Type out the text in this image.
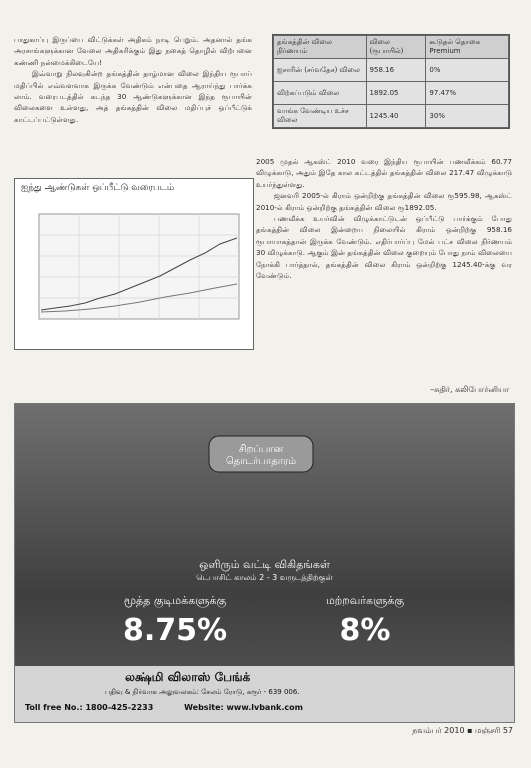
பாதுகாப்பு இருப்பை விட்டுக்கள் அதிகம் நாடி பெறும். அதனால் தங்க அரசாங்களுக்கான வேலை அதிகரிக்கும் இது நகைத் தொழில் விற்பனை கண்ணி நன்மைக்கிடையே!

இவ்வாறு நிலவுகின்ற தங்கத்தின் தாழ்மான விலை இந்திய ரூபாய் மதிப்பில் எவ்வளவாக இருக்க வேண்டும் என்பதை ஆராய்ந்து பார்க்க லாம். வரைபடத்தில் கடந்த 30 ஆண்டுகளுக்கான இந்த ரூபாயின் விலைகளை உள்ளது, அத் தங்கத்தின் விலை மதிப்புச் ஒப்பீட்டுக் காட்டப்பட்டுள்ளது.

தங்கத்தின் விலை நிர்ணயம்	விலை (ரூபாயில்)	கூடுதல் தொகை Premium
ஐசாரின் (சர்வதேச) விலை	958.16	0%
விற்கப்படும் விலை	1892.05	97.47%
வாங்க வேண்டிய உச்ச விலை	1245.40	30%
ஐந்து ஆண்டுகள் ஒப்பீட்டு வரைபடம்

2005 முதல் ஆகஸ்ட் 2010 வரை இந்திய ரூபாயின் பணவீக்கம் 60.77 விழுக்காடு, அதும் இதே கால கட்டத்தில் தங்கத்தின் விலை 217.47 விழுக்காடு உயர்ந்துள்ளது.

ஜனவரி 2005-ல் கிராம் ஒன்றிற்கு தங்கத்தின் விலை ரூ595.98, ஆகஸ்ட் 2010-ல் கிராம் ஒன்றிற்கு தங்கத்தின் விலை ரூ1892.05.

பணவீக்க உயர்வின் விழுக்காட்டுடன் ஒப்பீட்டு பார்க்கும் போது தங்கத்தின் விலை இன்றைய நிலையில் கிராம் ஒன்றிற்கு 958.16 ரூபாயாகத்தான் இருக்க வேண்டும். எதிர்பார்ப்பு மேல் பட்ச விலை நிர்ணயம் 30 விழுக்காடு. ஆகும் இன் தங்கத்தின் விலை குறையும் போது நாம் விலையை நோக்கி பார்த்தால், தங்கத்தின் விலை கிராம் ஒன்றிற்கு 1245.40-க்கு வர வேண்டும்.

–சுதிர், கலிபோர்னியா
சிறப்பான தொடர்பாதாரம்
ஒளிரும் வட்டி விகிதங்கள்
டெபாசிட் காலம் 2 - 3 வருடத்திற்குள்
மூத்த குடிமக்களுக்கு
8.75%
மற்றவர்களுக்கு
8%
லக்ஷ்மி விலாஸ் பேங்க்
பதிவு & நிர்வாக அலுவலகம்: சேலம் ரோடு, கரூர் - 639 006.
Toll free No.: 1800-425-2233	Website: www.lvbank.com
நவம்பர் 2010 ▪ மஞ்சரி 57
